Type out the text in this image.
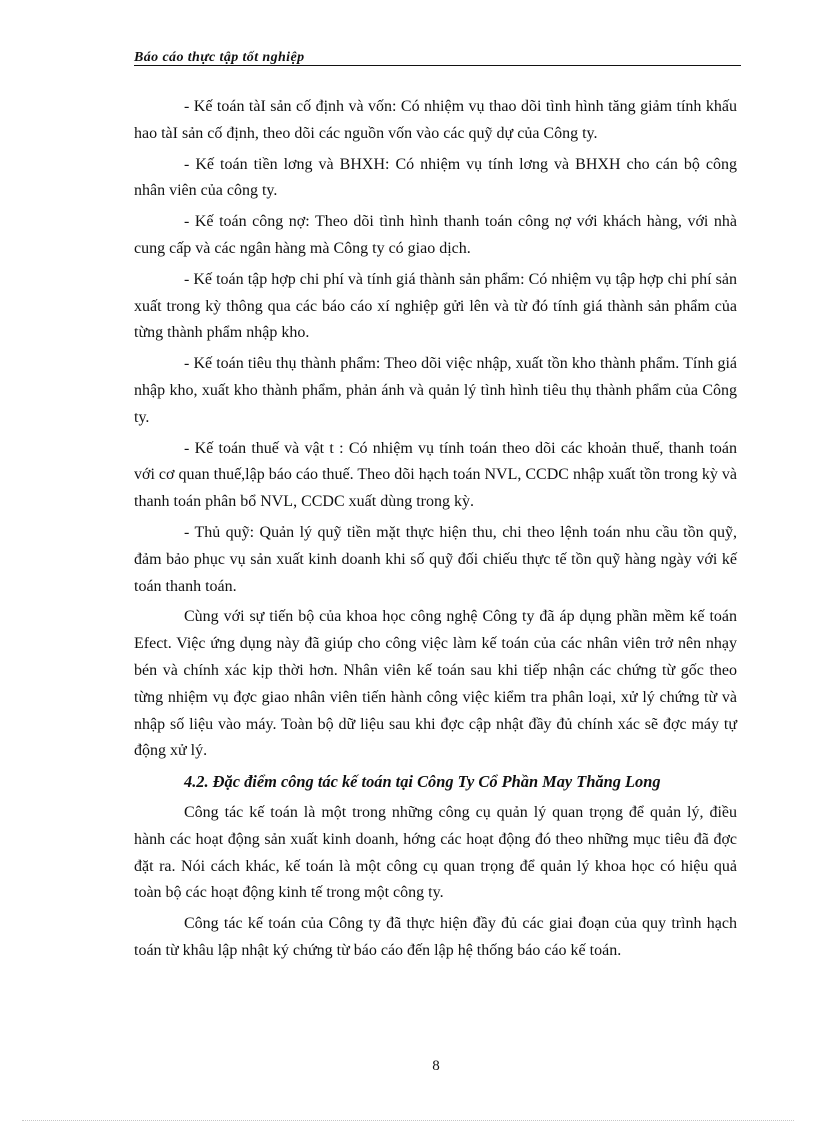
Báo cáo thực tập tốt nghiệp

- Kế toán tàI sản cố định và vốn: Có nhiệm vụ thao dõi tình hình tăng giảm tính khấu hao tàI sản cố định, theo dõi các nguồn vốn vào các quỹ dự của Công ty.

- Kế toán tiền lơng và BHXH: Có nhiệm vụ tính lơng và BHXH cho cán bộ công nhân viên của công ty.

- Kế toán công nợ: Theo dõi tình hình thanh toán công nợ với khách hàng, với nhà cung cấp và các ngân hàng mà Công ty có giao dịch.

- Kế toán tập hợp chi phí và tính giá thành sản phẩm: Có nhiệm vụ tập hợp chi phí sản xuất trong kỳ thông qua các báo cáo xí nghiệp gửi lên và từ đó tính giá thành sản phẩm của từng thành phẩm nhập kho.

- Kế toán tiêu thụ thành phẩm: Theo dõi việc nhập, xuất tồn kho thành phẩm. Tính giá nhập kho, xuất kho thành phẩm, phản ánh và quản lý tình hình tiêu thụ thành phẩm của Công ty.

- Kế toán thuế và vật t : Có nhiệm vụ tính toán theo dõi các khoản thuế, thanh toán với cơ quan thuế,lập báo cáo thuế. Theo dõi hạch toán NVL, CCDC nhập xuất tồn trong kỳ và thanh toán phân bổ NVL, CCDC xuất dùng trong kỳ.

- Thủ quỹ: Quản lý quỹ tiền mặt thực hiện thu, chi theo lệnh toán nhu cầu tồn quỹ, đảm bảo phục vụ sản xuất kinh doanh khi số quỹ đối chiếu thực tế tồn quỹ hàng ngày với kế toán thanh toán.

Cùng với sự tiến bộ của khoa học công nghệ Công ty đã áp dụng phần mềm kế toán Efect. Việc ứng dụng này đã giúp cho công việc làm kế toán của các nhân viên trở nên nhạy bén và chính xác kịp thời hơn. Nhân viên kế toán sau khi tiếp nhận các chứng từ gốc theo từng nhiệm vụ đợc giao nhân viên tiến hành công việc kiểm tra phân loại, xử lý chứng từ và nhập số liệu vào máy. Toàn bộ dữ liệu sau khi đợc cập nhật đầy đủ chính xác sẽ đợc máy tự động xử lý.

4.2. Đặc điểm công tác kế toán tại Công Ty Cổ Phần May Thăng Long

Công tác kế toán là một trong những công cụ quản lý quan trọng để quản lý, điều hành các hoạt động sản xuất kinh doanh, hớng các hoạt động đó theo những mục tiêu đã đợc đặt ra. Nói cách khác, kế toán là một công cụ quan trọng để quản lý khoa học có hiệu quả toàn bộ các hoạt động kinh tế trong một công ty.

Công tác kế toán của Công ty đã thực hiện đầy đủ các giai đoạn của quy trình hạch toán từ khâu lập nhật ký chứng từ báo cáo đến lập hệ thống báo cáo kế toán.

8
